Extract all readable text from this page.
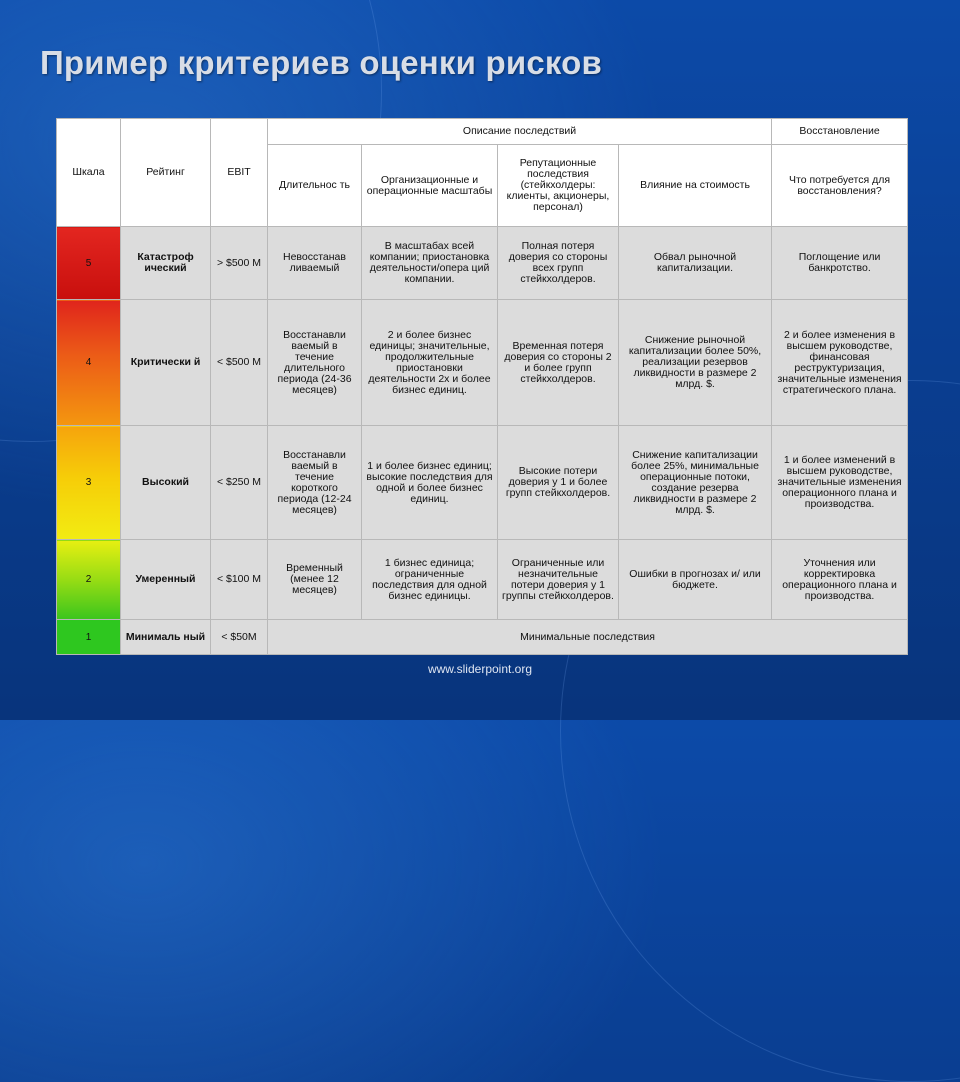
Пример критериев оценки рисков
Шкала	Рейтинг	EBIT	Описание последствий				Восстановление
			Длительнос ть	Организационные и операционные масштабы	Репутационные последствия (стейкхолдеры: клиенты, акционеры, персонал)	Влияние на стоимость	Что потребуется для восстановления?
5	Катастроф ический	> $500 M	Невосстанав ливаемый	В масштабах всей компании; приостановка деятельности/опера ций компании.	Полная потеря доверия со стороны всех групп стейкхолдеров.	Обвал рыночной капитализации.	Поглощение или банкротство.
4	Критически й	< $500 M	Восстанавли ваемый в течение длительного периода (24-36 месяцев)	2 и более бизнес единицы; значительные, продолжительные приостановки деятельности 2х и более бизнес единиц.	Временная потеря доверия со стороны 2 и более групп стейкхолдеров.	Снижение рыночной капитализации более 50%, реализации резервов ликвидности в размере 2 млрд. $.	2 и более изменения в высшем руководстве, финансовая реструктуризация, значительные изменения стратегического плана.
3	Высокий	< $250 M	Восстанавли ваемый в течение короткого периода (12-24 месяцев)	1 и более бизнес единиц; высокие последствия для одной и более бизнес единиц.	Высокие потери доверия у 1 и более групп стейкхолдеров.	Снижение капитализации более 25%, минимальные операционные потоки, создание резерва ликвидности в размере 2 млрд. $.	1 и более изменений в высшем руководстве, значительные изменения операционного плана и производства.
2	Умеренный	< $100 M	Временный (менее 12 месяцев)	1 бизнес единица; ограниченные последствия для одной бизнес единицы.	Ограниченные или незначительные потери доверия у 1 группы стейкхолдеров.	Ошибки в прогнозах и/ или бюджете.	Уточнения или корректировка операционного плана и производства.
1	Минималь ный	< $50M	Минимальные последствия				
www.sliderpoint.org
